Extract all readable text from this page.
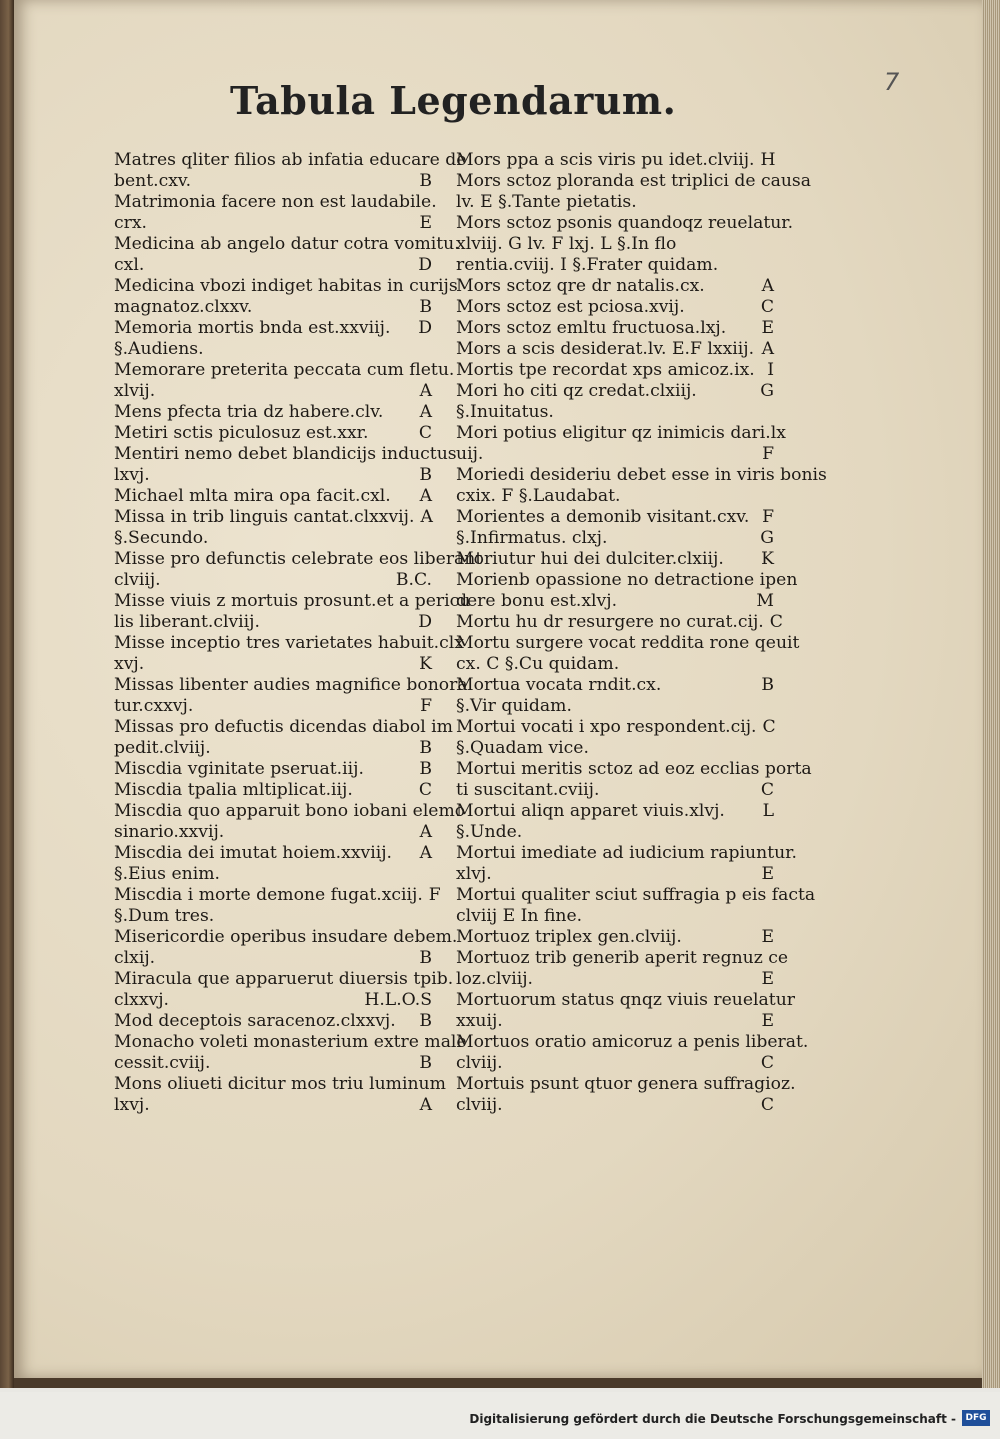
7
Tabula Legendarum.
Matres qliter filios ab infatia educare de
bent.cxv.	B
Matrimonia facere non est laudabile.
crx.	E
Medicina ab angelo datur cotra vomitu.
cxl.	D
Medicina vbozi indiget habitas in curijs
magnatoz.clxxv.	B
Memoria mortis bnda est.xxviij.	D
§.Audiens.
Memorare preterita peccata cum fletu.
xlvij.	A
Mens pfecta tria dz habere.clv.	A
Metiri sctis piculosuz est.xxr.	C
Mentiri nemo debet blandicijs inductus
lxvj.	B
Michael mlta mira opa facit.cxl.	A
Missa in trib linguis cantat.clxxvij. A
§.Secundo.
Misse pro defunctis celebrate eos liberant
clviij.	B.C.
Misse viuis z mortuis prosunt.et a pericu
lis liberant.clviij.	D
Misse inceptio tres varietates habuit.clx
xvj.	K
Missas libenter audies magnifice bonora
tur.cxxvj.	F
Missas pro defuctis dicendas diabol im
pedit.clviij.	B
Miscdia vginitate pseruat.iij.	B
Miscdia tpalia mltiplicat.iij.	C
Miscdia quo apparuit bono iobani elemo
sinario.xxvij.	A
Miscdia dei imutat hoiem.xxviij.	A
§.Eius enim.
Miscdia i morte demone fugat.xciij. F
§.Dum tres.
Misericordie operibus insudare debem.
clxij.	B
Miracula que apparuerut diuersis tpib.
clxxvj.	H.L.O.S
Mod deceptois saracenoz.clxxvj.	B
Monacho voleti monasterium extre male
cessit.cviij.	B
Mons oliueti dicitur mos triu luminum
lxvj.	A
Mors ppa a scis viris pu idet.clviij. H
Mors sctoz ploranda est triplici de causa
lv. E §.Tante pietatis.
Mors sctoz psonis quandoqz reuelatur.
xlviij. G lv. F lxj. L §.In flo
rentia.cviij. I §.Frater quidam.
Mors sctoz qre dr natalis.cx.	A
Mors sctoz est pciosa.xvij.	C
Mors sctoz emltu fructuosa.lxj.	E
Mors a scis desiderat.lv. E.F lxxiij. A
Mortis tpe recordat xps amicoz.ix. I
Mori ho citi qz credat.clxiij.	G
§.Inuitatus.
Mori potius eligitur qz inimicis dari.lx
uij.	F
Moriedi desideriu debet esse in viris bonis
cxix. F §.Laudabat.
Morientes a demonib visitant.cxv. F
§.Infirmatus. clxj.	G
Moriutur hui dei dulciter.clxiij.	K
Morienb opassione no detractione ipen
dere bonu est.xlvj.	M
Mortu hu dr resurgere no curat.cij. C
Mortu surgere vocat reddita rone qeuit
cx. C §.Cu quidam.
Mortua vocata rndit.cx.	B
§.Vir quidam.
Mortui vocati i xpo respondent.cij. C
§.Quadam vice.
Mortui meritis sctoz ad eoz ecclias porta
ti suscitant.cviij.	C
Mortui aliqn apparet viuis.xlvj.	L
§.Unde.
Mortui imediate ad iudicium rapiuntur.
xlvj.	E
Mortui qualiter sciut suffragia p eis facta
clviij E In fine.
Mortuoz triplex gen.clviij.	E
Mortuoz trib generib aperit regnuz ce
loz.clviij.	E
Mortuorum status qnqz viuis reuelatur
xxuij.	E
Mortuos oratio amicoruz a penis liberat.
clviij.	C
Mortuis psunt qtuor genera suffragioz.
clviij.	C
Digitalisierung gefördert durch die Deutsche Forschungsgemeinschaft -	DFG
